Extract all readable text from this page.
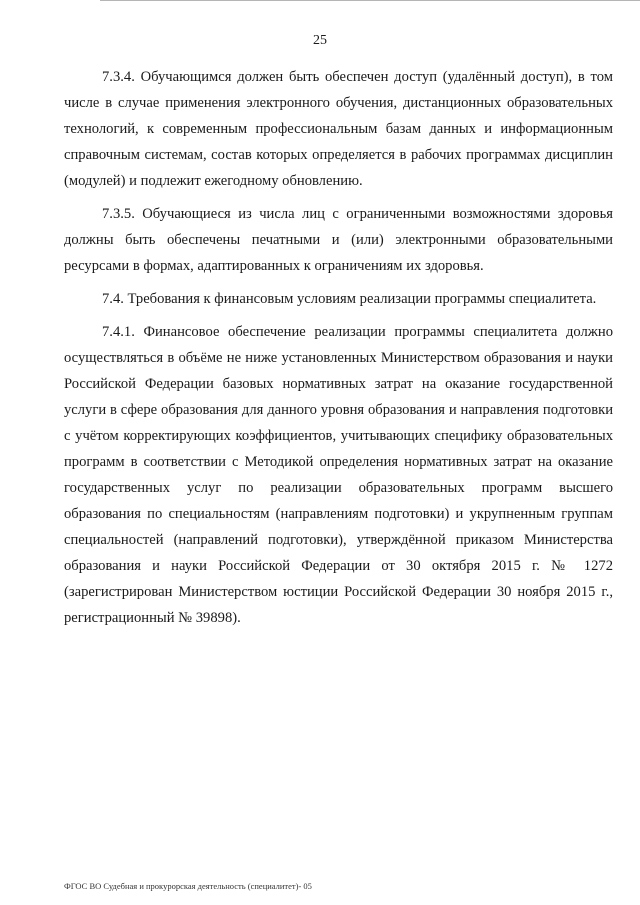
25

7.3.4. Обучающимся должен быть обеспечен доступ (удалённый доступ), в том числе в случае применения электронного обучения, дистанционных образовательных технологий, к современным профессиональным базам данных и информационным справочным системам, состав которых определяется в рабочих программах дисциплин (модулей) и подлежит ежегодному обновлению.

7.3.5. Обучающиеся из числа лиц с ограниченными возможностями здоровья должны быть обеспечены печатными и (или) электронными образовательными ресурсами в формах, адаптированных к ограничениям их здоровья.

7.4. Требования к финансовым условиям реализации программы специалитета.

7.4.1. Финансовое обеспечение реализации программы специалитета должно осуществляться в объёме не ниже установленных Министерством образования и науки Российской Федерации базовых нормативных затрат на оказание государственной услуги в сфере образования для данного уровня образования и направления подготовки с учётом корректирующих коэффициентов, учитывающих специфику образовательных программ в соответствии с Методикой определения нормативных затрат на оказание государственных услуг по реализации образовательных программ высшего образования по специальностям (направлениям подготовки) и укрупненным группам специальностей (направлений подготовки), утверждённой приказом Министерства образования и науки Российской Федерации от 30 октября 2015 г. № 1272 (зарегистрирован Министерством юстиции Российской Федерации 30 ноября 2015 г., регистрационный № 39898).

ФГОС ВО Судебная и прокурорская деятельность (специалитет)- 05
